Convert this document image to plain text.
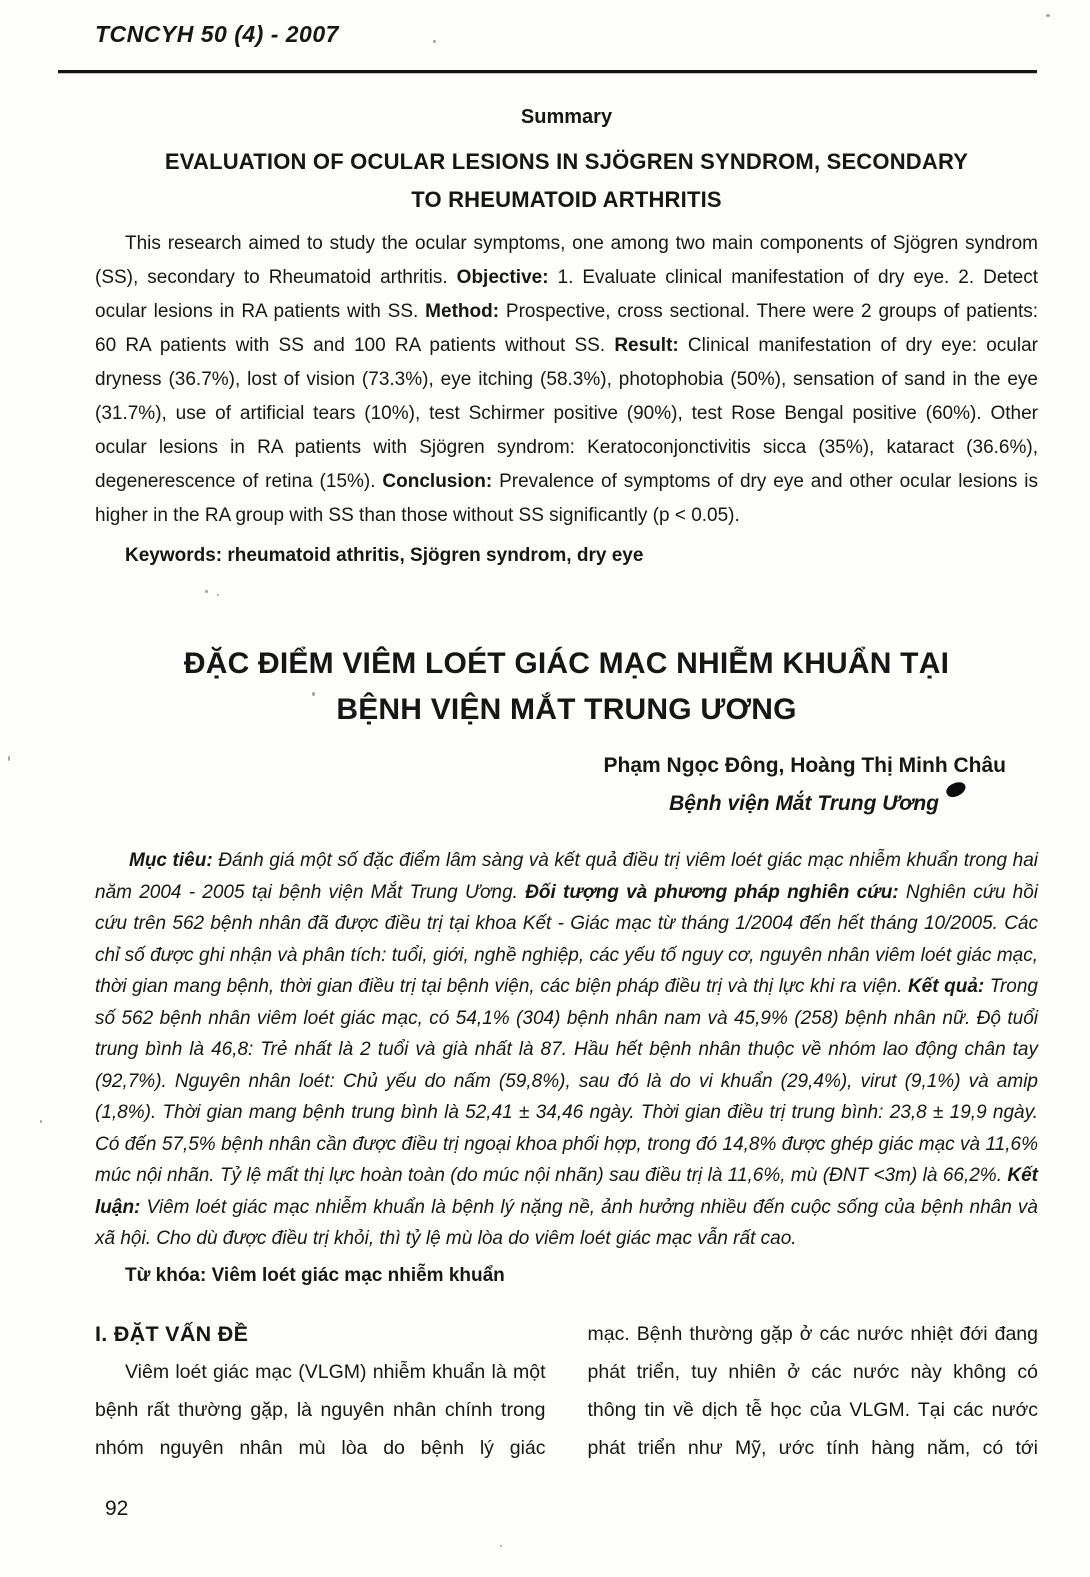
TCNCYH 50 (4) - 2007
Summary
EVALUATION OF OCULAR LESIONS IN SJÖGREN SYNDROM, SECONDARY
TO RHEUMATOID ARTHRITIS

This research aimed to study the ocular symptoms, one among two main components of Sjögren syndrom (SS), secondary to Rheumatoid arthritis. Objective: 1. Evaluate clinical manifestation of dry eye. 2. Detect ocular lesions in RA patients with SS. Method: Prospective, cross sectional. There were 2 groups of patients: 60 RA patients with SS and 100 RA patients without SS. Result: Clinical manifestation of dry eye: ocular dryness (36.7%), lost of vision (73.3%), eye itching (58.3%), photophobia (50%), sensation of sand in the eye (31.7%), use of artificial tears (10%), test Schirmer positive (90%), test Rose Bengal positive (60%). Other ocular lesions in RA patients with Sjögren syndrom: Keratoconjonctivitis sicca (35%), kataract (36.6%), degenerescence of retina (15%). Conclusion: Prevalence of symptoms of dry eye and other ocular lesions is higher in the RA group with SS than those without SS significantly (p < 0.05).

Keywords: rheumatoid athritis, Sjögren syndrom, dry eye

ĐẶC ĐIỂM VIÊM LOÉT GIÁC MẠC NHIỄM KHUẨN TẠI
BỆNH VIỆN MẮT TRUNG ƯƠNG
Phạm Ngọc Đông, Hoàng Thị Minh Châu
Bệnh viện Mắt Trung Ương

Mục tiêu: Đánh giá một số đặc điểm lâm sàng và kết quả điều trị viêm loét giác mạc nhiễm khuẩn trong hai năm 2004 - 2005 tại bệnh viện Mắt Trung Ương. Đối tượng và phương pháp nghiên cứu: Nghiên cứu hồi cứu trên 562 bệnh nhân đã được điều trị tại khoa Kết - Giác mạc từ tháng 1/2004 đến hết tháng 10/2005. Các chỉ số được ghi nhận và phân tích: tuổi, giới, nghề nghiệp, các yếu tố nguy cơ, nguyên nhân viêm loét giác mạc, thời gian mang bệnh, thời gian điều trị tại bệnh viện, các biện pháp điều trị và thị lực khi ra viện. Kết quả: Trong số 562 bệnh nhân viêm loét giác mạc, có 54,1% (304) bệnh nhân nam và 45,9% (258) bệnh nhân nữ. Độ tuổi trung bình là 46,8: Trẻ nhất là 2 tuổi và già nhất là 87. Hầu hết bệnh nhân thuộc về nhóm lao động chân tay (92,7%). Nguyên nhân loét: Chủ yếu do nấm (59,8%), sau đó là do vi khuẩn (29,4%), virut (9,1%) và amip (1,8%). Thời gian mang bệnh trung bình là 52,41 ± 34,46 ngày. Thời gian điều trị trung bình: 23,8 ± 19,9 ngày. Có đến 57,5% bệnh nhân cần được điều trị ngoại khoa phối hợp, trong đó 14,8% được ghép giác mạc và 11,6% múc nội nhãn. Tỷ lệ mất thị lực hoàn toàn (do múc nội nhãn) sau điều trị là 11,6%, mù (ĐNT <3m) là 66,2%. Kết luận: Viêm loét giác mạc nhiễm khuẩn là bệnh lý nặng nề, ảnh hưởng nhiều đến cuộc sống của bệnh nhân và xã hội. Cho dù được điều trị khỏi, thì tỷ lệ mù lòa do viêm loét giác mạc vẫn rất cao.

Từ khóa: Viêm loét giác mạc nhiễm khuẩn

I. ĐẶT VẤN ĐỀ

Viêm loét giác mạc (VLGM) nhiễm khuẩn là một bệnh rất thường gặp, là nguyên nhân chính trong nhóm nguyên nhân mù lòa do bệnh lý giác

mạc. Bệnh thường gặp ở các nước nhiệt đới đang phát triển, tuy nhiên ở các nước này không có thông tin về dịch tễ học của VLGM. Tại các nước phát triển như Mỹ, ước tính hàng năm, có tới

92
